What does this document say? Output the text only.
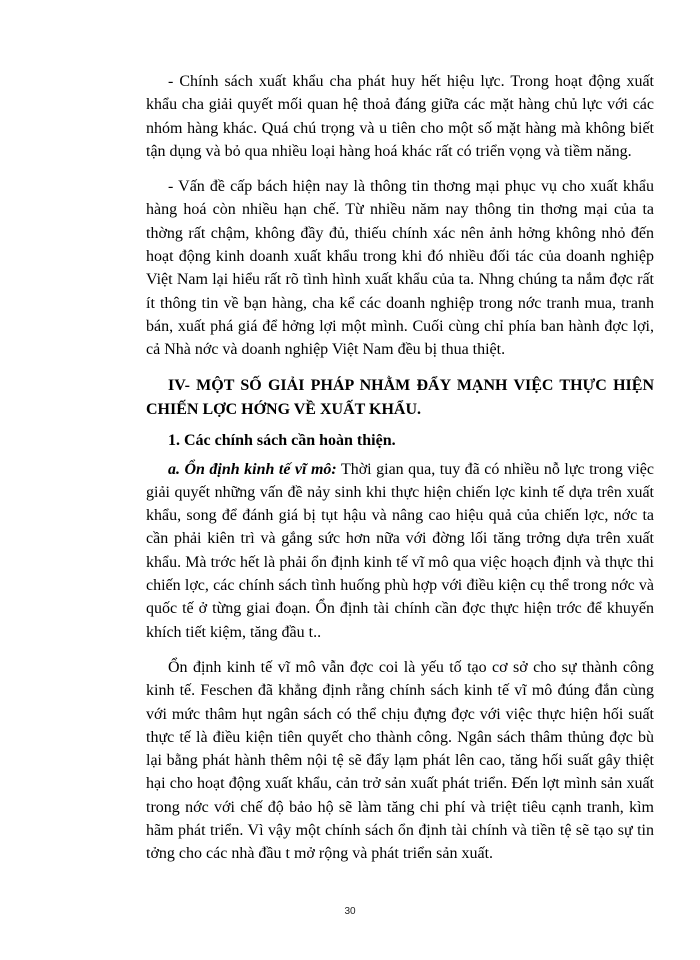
- Chính sách xuất khẩu cha phát huy hết hiệu lực. Trong hoạt động xuất khẩu cha giải quyết mối quan hệ thoả đáng giữa các mặt hàng chủ lực với các nhóm hàng khác. Quá chú trọng và u tiên cho một số mặt hàng mà không biết tận dụng và bỏ qua nhiều loại hàng hoá khác rất có triển vọng và tiềm năng.

- Vấn đề cấp bách hiện nay là thông tin thơng mại phục vụ cho xuất khẩu hàng hoá còn nhiều hạn chế. Từ nhiều năm nay thông tin thơng mại của ta thờng rất chậm, không đầy đủ, thiếu chính xác nên ảnh hởng không nhỏ đến hoạt động kinh doanh xuất khẩu trong khi đó nhiều đối tác của doanh nghiệp Việt Nam lại hiểu rất rõ tình hình xuất khẩu của ta. Nhng chúng ta nắm đợc rất ít thông tin về bạn hàng, cha kể các doanh nghiệp trong nớc tranh mua, tranh bán, xuất phá giá để hởng lợi một mình. Cuối cùng chỉ phía ban hành đợc lợi, cả Nhà nớc và doanh nghiệp Việt Nam đều bị thua thiệt.

IV- MỘT SỐ GIẢI PHÁP NHẰM ĐẨY MẠNH VIỆC THỰC HIỆN CHIẾN LỢC HỚNG VỀ XUẤT KHẨU.

1. Các chính sách cần hoàn thiện.

a. Ổn định kinh tế vĩ mô: Thời gian qua, tuy đã có nhiều nỗ lực trong việc giải quyết những vấn đề nảy sinh khi thực hiện chiến lợc kinh tế dựa trên xuất khẩu, song để đánh giá bị tụt hậu và nâng cao hiệu quả của chiến lợc, nớc ta cần phải kiên trì và gắng sức hơn nữa với đờng lối tăng trởng dựa trên xuất khẩu. Mà trớc hết là phải ổn định kinh tế vĩ mô qua việc hoạch định và thực thi chiến lợc, các chính sách tình huống phù hợp với điều kiện cụ thể trong nớc và quốc tế ở từng giai đoạn. Ổn định tài chính cần đợc thực hiện trớc để khuyến khích tiết kiệm, tăng đầu t..

Ổn định kinh tế vĩ mô vẫn đợc coi là yếu tố tạo cơ sở cho sự thành công kinh tế. Feschen đã khẳng định rằng chính sách kinh tế vĩ mô đúng đắn cùng với mức thâm hụt ngân sách có thể chịu đựng đợc với việc thực hiện hối suất thực tế là điều kiện tiên quyết cho thành công. Ngân sách thâm thủng đợc bù lại bằng phát hành thêm nội tệ sẽ đẩy lạm phát lên cao, tăng hối suất gây thiệt hại cho hoạt động xuất khẩu, cản trở sản xuất phát triển. Đến lợt mình sản xuất trong nớc với chế độ bảo hộ sẽ làm tăng chi phí và triệt tiêu cạnh tranh, kìm hãm phát triển. Vì vậy một chính sách ổn định tài chính và tiền tệ sẽ tạo sự tin tởng cho các nhà đầu t mở rộng và phát triển sản xuất.

30
